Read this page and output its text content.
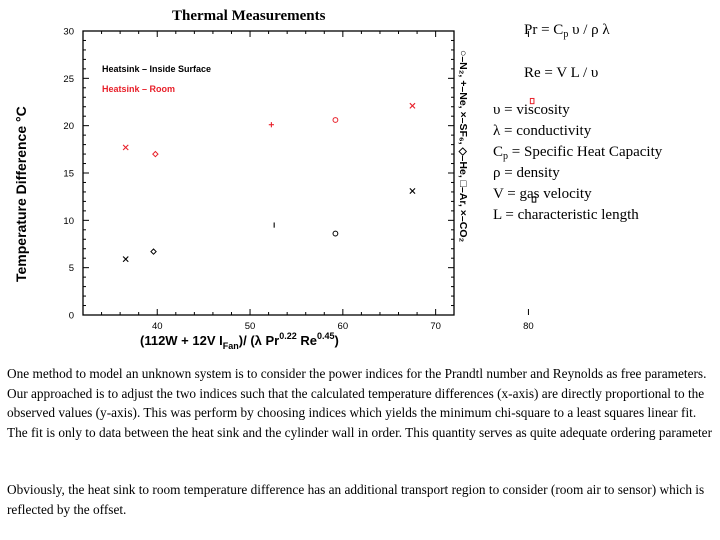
Thermal Measurements
0
5
10
15
20
25
30
40	50	60	70	80
Temperature Difference °C
(112W + 12V $I_{Fan})/$ (λ $Pr^{0.22}$ $Re^{0.45}$)
Heatsink – Inside Surface
Heatsink – Room	○–N₂, +–Ne, ×–SF₆, ◇–He, □–Ar, ×–CO₂
$Pr = C_p$ υ / ρ λ
Re = V L / υ
υ = viscosity
λ = conductivity
$C_p$ = Specific Heat Capacity
ρ = density
V = gas velocity
L = characteristic length

One method to model an unknown system is to consider the power indices for the Prandtl number and Reynolds as free parameters. Our approached is to adjust the two indices such that the calculated temperature differences (x-axis) are directly proportional to the observed values (y-axis). This was perform by choosing indices which yields the minimum chi-square to a least squares linear fit. The fit is only to data between the heat sink and the cylinder wall in order. This quantity serves as quite adequate ordering parameter

Obviously, the heat sink to room temperature difference has an additional transport region to consider (room air to sensor) which is reflected by the offset.
